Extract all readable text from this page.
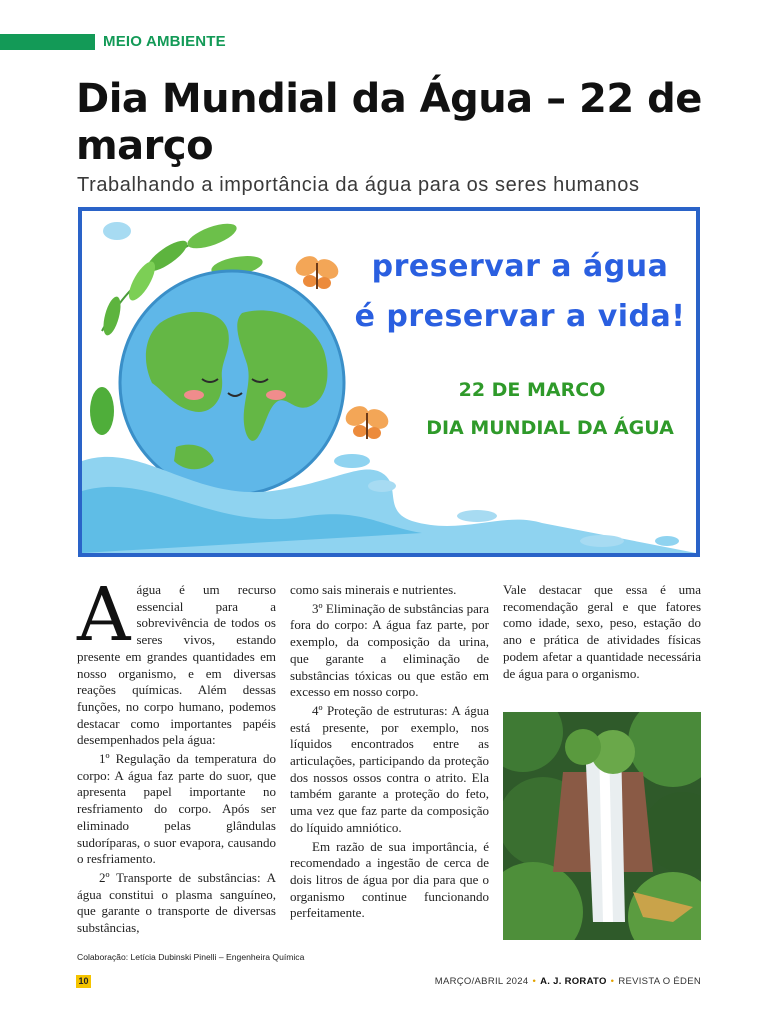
MEIO AMBIENTE
Dia Mundial da Água – 22 de março
Trabalhando a importância da água para os seres humanos
preservar a água
é preservar a vida!
22 DE MARCO
DIA MUNDIAL DA ÁGUA

Aágua é um recurso essencial para a sobrevivência de todos os seres vivos, estando presente em grandes quantidades em nosso organismo, e em diversas reações químicas. Além dessas funções, no corpo humano, podemos destacar como importantes papéis desempenhados pela água:

1º Regulação da temperatura do corpo: A água faz parte do suor, que apresenta papel importante no resfriamento do corpo. Após ser eliminado pelas glândulas sudoríparas, o suor evapora, causando o resfriamento.

2º Transporte de substâncias: A água constitui o plasma sanguíneo, que garante o transporte de diversas substâncias,

como sais minerais e nutrientes.

3º Eliminação de substâncias para fora do corpo: A água faz parte, por exemplo, da composição da urina, que garante a eliminação de substâncias tóxicas ou que estão em excesso em nosso corpo.

4º Proteção de estruturas: A água está presente, por exemplo, nos líquidos encontrados entre as articulações, participando da proteção dos nossos ossos contra o atrito. Ela também garante a proteção do feto, uma vez que faz parte da composição do líquido amniótico.

Em razão de sua importância, é recomendado a ingestão de cerca de dois litros de água por dia para que o organismo continue funcionando perfeitamente.

Vale destacar que essa é uma recomendação geral e que fatores como idade, sexo, peso, estação do ano e prática de atividades físicas podem afetar a quantidade necessária de água para o organismo.

Colaboração: Letícia Dubinski Pinelli – Engenheira Química
10	MARÇO/ABRIL 2024 • A. J. RORATO • REVISTA O ÉDEN
